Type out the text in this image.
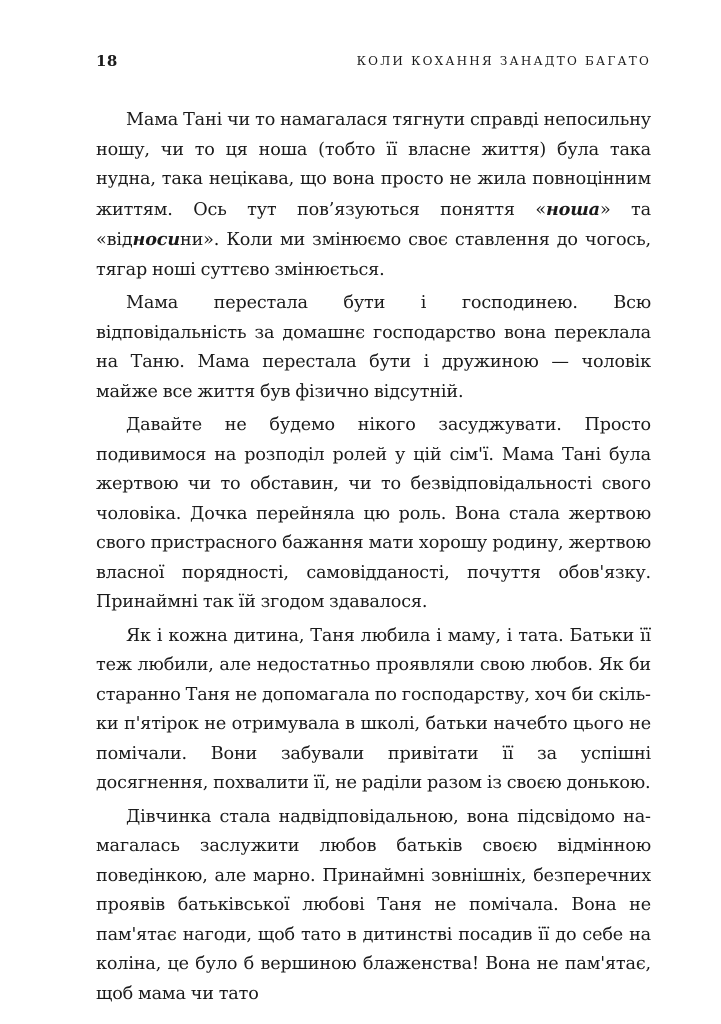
18	КОЛИ КОХАННЯ ЗАНАДТО БАГАТО

Мама Тані чи то намагалася тягнути справді непосильну ношу, чи то ця ноша (тобто її власне життя) була така нудна, така нецікава, що вона просто не жила повноцінним життям. Ось тут пов’язуються поняття «ноша» та «відносини». Коли ми змінюємо своє ставлення до чогось, тягар ноші суттєво змінюється.

Мама перестала бути і господинею. Всю відповідальність за домашнє господарство вона переклала на Таню. Мама перестала бути і дружиною — чоловік майже все життя був фізично відсутній.

Давайте не будемо нікого засуджувати. Просто подивимося на розподіл ролей у цій сім'ї. Мама Тані була жертвою чи то обставин, чи то безвідповідальності свого чоловіка. Дочка перейняла цю роль. Вона стала жертвою свого пристрасного бажання мати хорошу родину, жертвою власної порядності, самовідданості, почуття обов'язку. Принаймні так їй згодом здавалося.

Як і кожна дитина, Таня любила і маму, і тата. Батьки її теж любили, але недостатньо проявляли свою любов. Як би старанно Таня не допомагала по господарству, хоч би скільки п'ятірок не отримувала в школі, батьки начебто цього не помічали. Вони забували привітати її за успішні досягнення, похвалити її, не раділи разом із своєю донькою.

Дівчинка стала надвідповідальною, вона підсвідомо намагалась заслужити любов батьків своєю відмінною поведінкою, але марно. Принаймні зовнішніх, безперечних проявів батьківської любові Таня не помічала. Вона не пам'ятає нагоди, щоб тато в дитинстві посадив її до себе на коліна, це було б вершиною блаженства! Вона не пам'ятає, щоб мама чи тато
